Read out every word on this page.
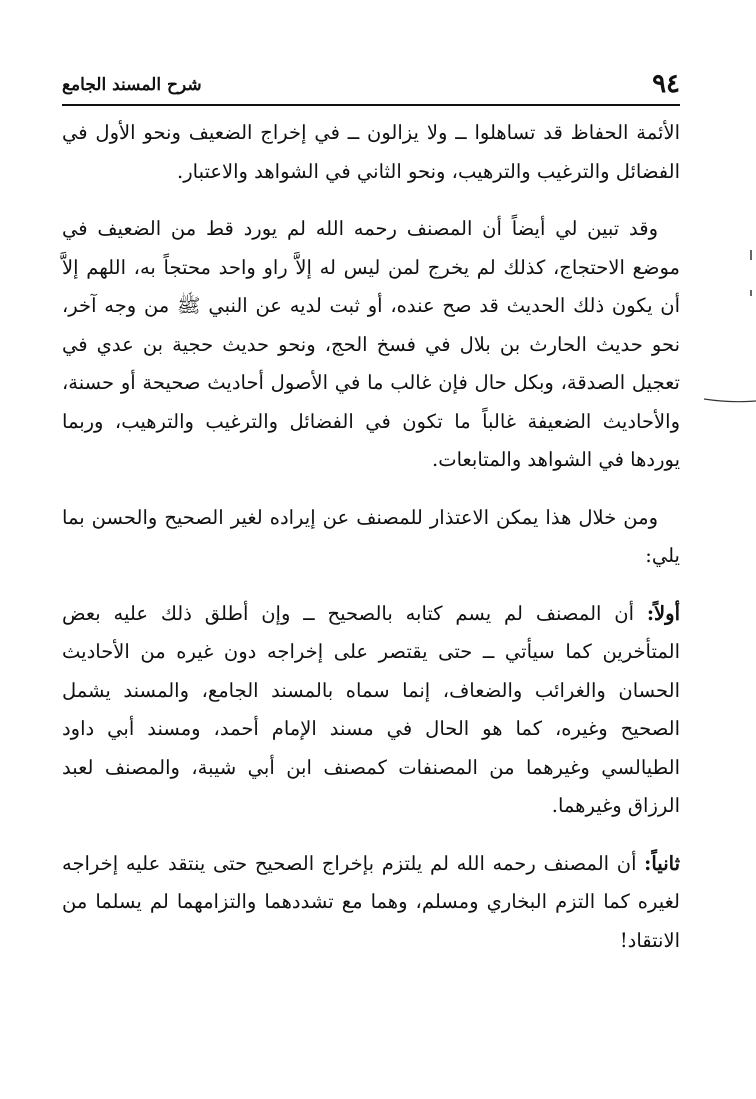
٩٤
شرح المسند الجامع

الأئمة الحفاظ قد تساهلوا ــ ولا يزالون ــ في إخراج الضعيف ونحو الأول في الفضائل والترغيب والترهيب، ونحو الثاني في الشواهد والاعتبار.

وقد تبين لي أيضاً أن المصنف رحمه الله لم يورد قط من الضعيف في موضع الاحتجاج، كذلك لم يخرج لمن ليس له إلاَّ راو واحد محتجاً به، اللهم إلاَّ أن يكون ذلك الحديث قد صح عنده، أو ثبت لديه عن النبي ﷺ من وجه آخر، نحو حديث الحارث بن بلال في فسخ الحج، ونحو حديث حجية بن عدي في تعجيل الصدقة، وبكل حال فإن غالب ما في الأصول أحاديث صحيحة أو حسنة، والأحاديث الضعيفة غالباً ما تكون في الفضائل والترغيب والترهيب، وربما يوردها في الشواهد والمتابعات.

ومن خلال هذا يمكن الاعتذار للمصنف عن إيراده لغير الصحيح والحسن بما يلي:

أولاً: أن المصنف لم يسم كتابه بالصحيح ــ وإن أطلق ذلك عليه بعض المتأخرين كما سيأتي ــ حتى يقتصر على إخراجه دون غيره من الأحاديث الحسان والغرائب والضعاف، إنما سماه بالمسند الجامع، والمسند يشمل الصحيح وغيره، كما هو الحال في مسند الإمام أحمد، ومسند أبي داود الطيالسي وغيرهما من المصنفات كمصنف ابن أبي شيبة، والمصنف لعبد الرزاق وغيرهما.

ثانياً: أن المصنف رحمه الله لم يلتزم بإخراج الصحيح حتى ينتقد عليه إخراجه لغيره كما التزم البخاري ومسلم، وهما مع تشددهما والتزامهما لم يسلما من الانتقاد!
